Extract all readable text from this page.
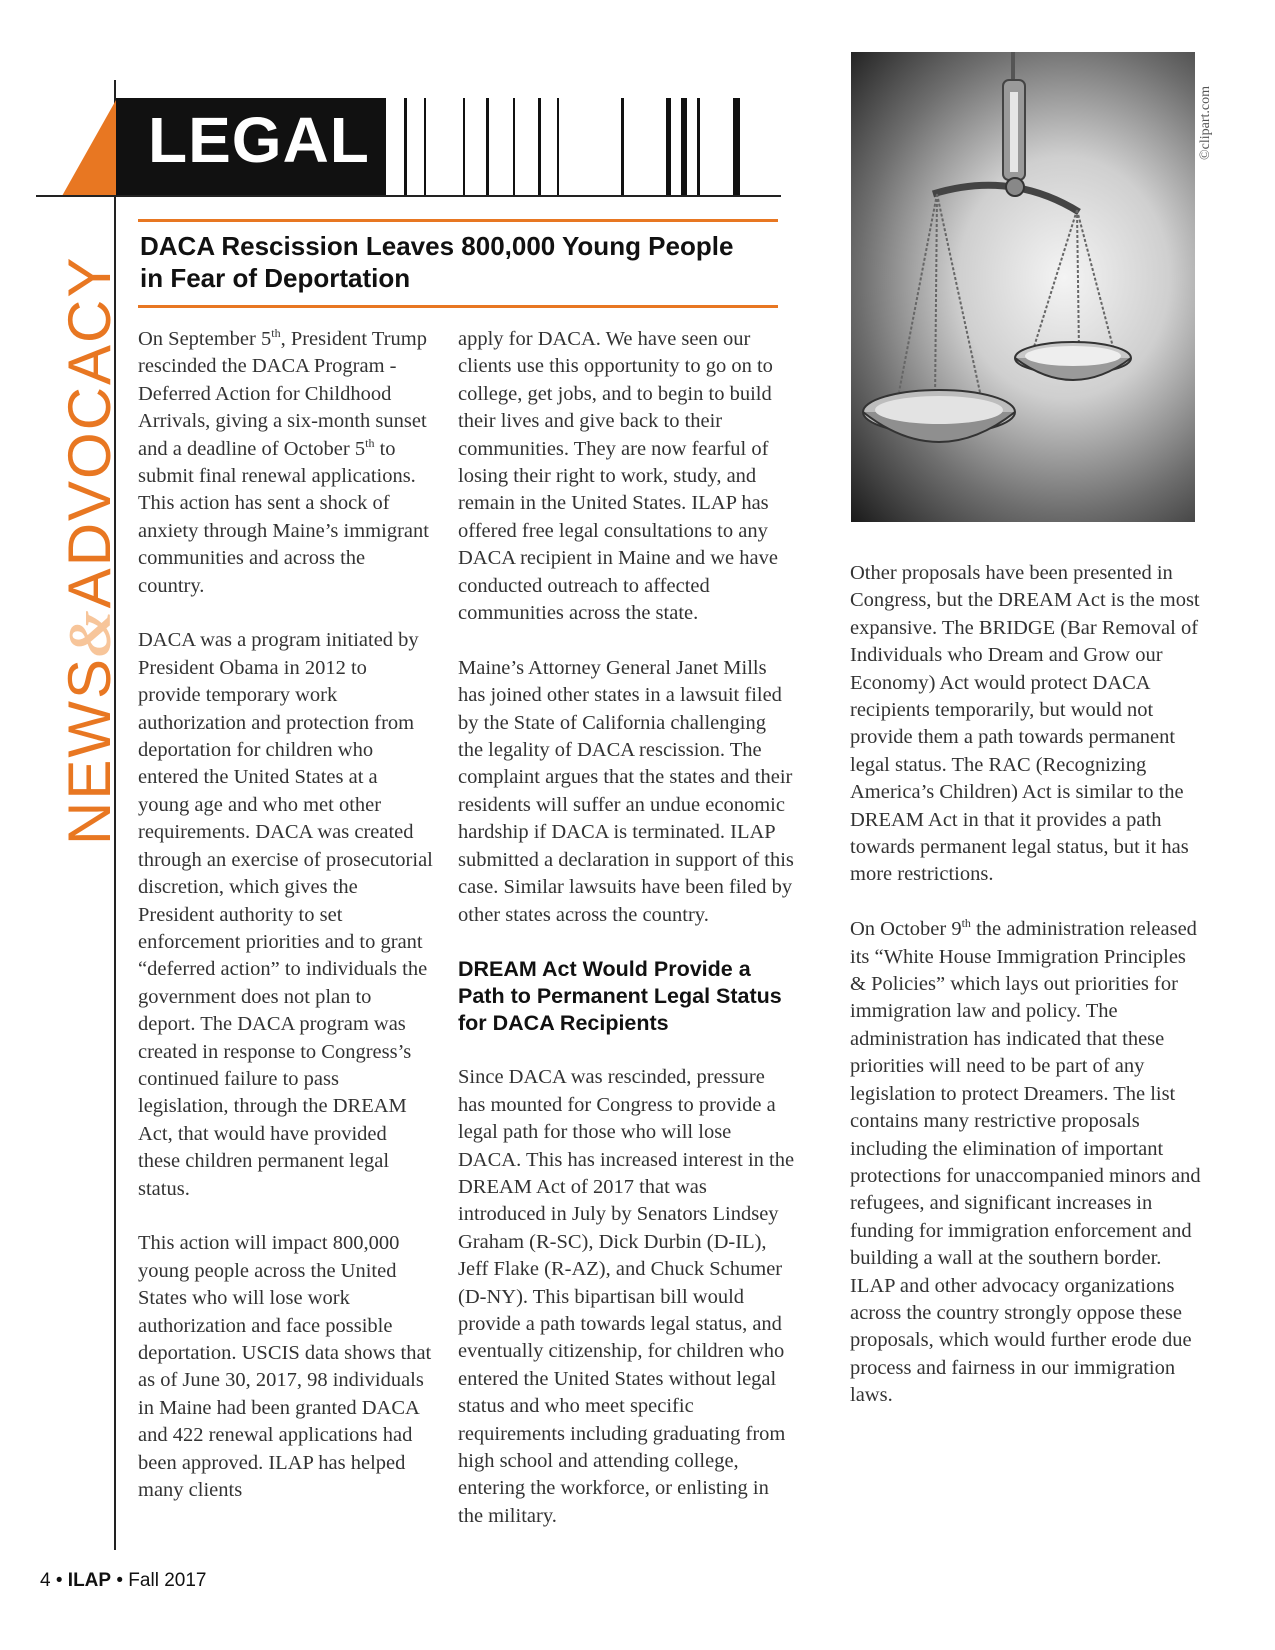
NEWS&ADVOCACY
LEGAL
DACA Rescission Leaves 800,000 Young People
in Fear of Deportation

On September 5th, President Trump rescinded the DACA Program - Deferred Action for Childhood Arrivals, giving a six-month sunset and a deadline of October 5th to submit final renewal applications. This action has sent a shock of anxiety through Maine’s immigrant communities and across the country.

DACA was a program initiated by President Obama in 2012 to provide temporary work authorization and protection from deportation for children who entered the United States at a young age and who met other requirements. DACA was created through an exercise of prosecutorial discretion, which gives the President authority to set enforcement priorities and to grant “deferred action” to individuals the government does not plan to deport. The DACA program was created in response to Congress’s continued failure to pass legislation, through the DREAM Act, that would have provided these children permanent legal status.

This action will impact 800,000 young people across the United States who will lose work authorization and face possible deportation. USCIS data shows that as of June 30, 2017, 98 individuals in Maine had been granted DACA and 422 renewal applications had been approved. ILAP has helped many clients

apply for DACA. We have seen our clients use this opportunity to go on to college, get jobs, and to begin to build their lives and give back to their communities. They are now fearful of losing their right to work, study, and remain in the United States. ILAP has offered free legal consultations to any DACA recipient in Maine and we have conducted outreach to affected communities across the state.

Maine’s Attorney General Janet Mills has joined other states in a lawsuit filed by the State of California challenging the legality of DACA rescission. The complaint argues that the states and their residents will suffer an undue economic hardship if DACA is terminated. ILAP submitted a declaration in support of this case. Similar lawsuits have been filed by other states across the country.

DREAM Act Would Provide a Path to Permanent Legal Status for DACA Recipients

Since DACA was rescinded, pressure has mounted for Congress to provide a legal path for those who will lose DACA. This has increased interest in the DREAM Act of 2017 that was introduced in July by Senators Lindsey Graham (R-SC), Dick Durbin (D-IL), Jeff Flake (R-AZ), and Chuck Schumer (D-NY). This bipartisan bill would provide a path towards legal status, and eventually citizenship, for children who entered the United States without legal status and who meet specific requirements including graduating from high school and attending college, entering the workforce, or enlisting in the military.

©clipart.com

Other proposals have been presented in Congress, but the DREAM Act is the most expansive. The BRIDGE (Bar Removal of Individuals who Dream and Grow our Economy) Act would protect DACA recipients temporarily, but would not provide them a path towards permanent legal status. The RAC (Recognizing America’s Children) Act is similar to the DREAM Act in that it provides a path towards permanent legal status, but it has more restrictions.

On October 9th the administration released its “White House Immigration Principles & Policies” which lays out priorities for immigration law and policy. The administration has indicated that these priorities will need to be part of any legislation to protect Dreamers. The list contains many restrictive proposals including the elimination of important protections for unaccompanied minors and refugees, and significant increases in funding for immigration enforcement and building a wall at the southern border. ILAP and other advocacy organizations across the country strongly oppose these proposals, which would further erode due process and fairness in our immigration laws.

4 • ILAP • Fall 2017
